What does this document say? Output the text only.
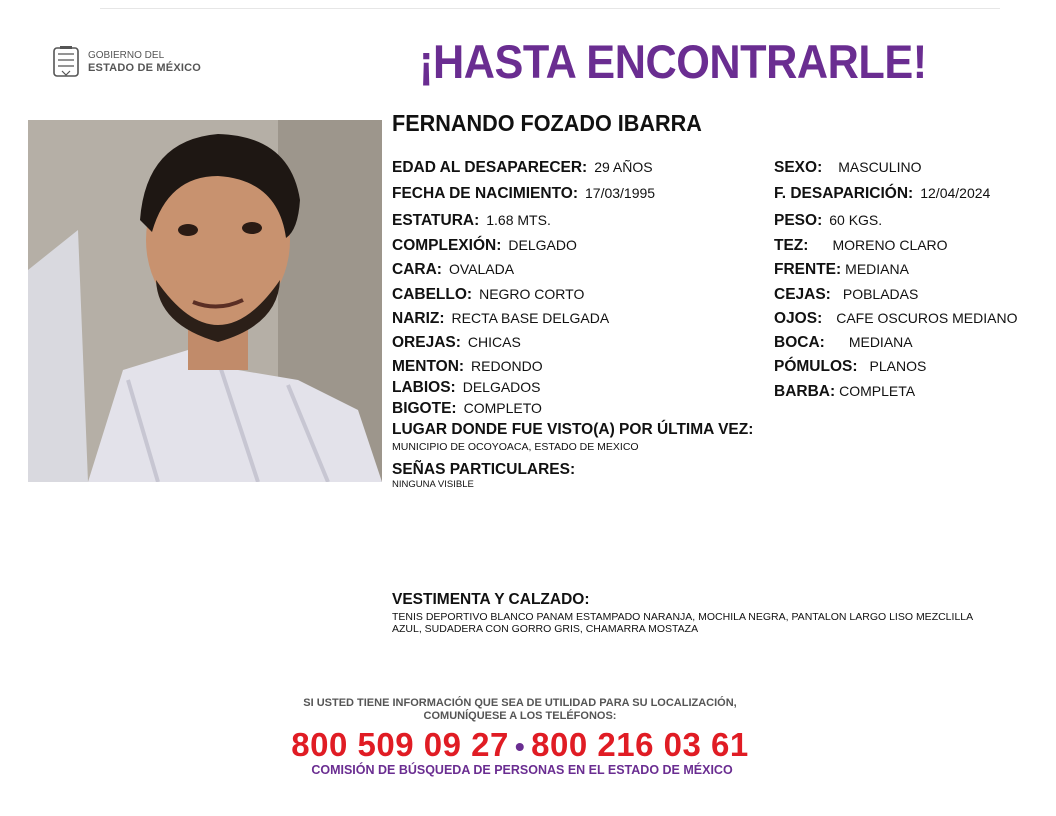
GOBIERNO DEL
ESTADO DE MÉXICO	¡HASTA ENCONTRARLE!
FERNANDO FOZADO IBARRA
EDAD AL DESAPARECER: 29 AÑOS
FECHA DE NACIMIENTO: 17/03/1995
ESTATURA: 1.68 MTS.
COMPLEXIÓN: DELGADO
CARA: OVALADA
CABELLO: NEGRO CORTO
NARIZ: RECTA BASE DELGADA
OREJAS: CHICAS
MENTON: REDONDO
LABIOS: DELGADOS
BIGOTE: COMPLETO
SEXO: MASCULINO
F. DESAPARICIÓN: 12/04/2024
PESO: 60 KGS.
TEZ: MORENO CLARO
FRENTE: MEDIANA
CEJAS: POBLADAS
OJOS: CAFE OSCUROS MEDIANO
BOCA: MEDIANA
PÓMULOS: PLANOS
BARBA: COMPLETA
LUGAR DONDE FUE VISTO(A) POR ÚLTIMA VEZ:
MUNICIPIO DE OCOYOACA, ESTADO DE MEXICO
SEÑAS PARTICULARES:
NINGUNA VISIBLE
VESTIMENTA Y CALZADO:
TENIS DEPORTIVO BLANCO PANAM ESTAMPADO NARANJA, MOCHILA NEGRA, PANTALON LARGO LISO MEZCLILLA
AZUL, SUDADERA CON GORRO GRIS, CHAMARRA MOSTAZA
SI USTED TIENE INFORMACIÓN QUE SEA DE UTILIDAD PARA SU LOCALIZACIÓN,
COMUNÍQUESE A LOS TELÉFONOS:
800 509 09 27 • 800 216 03 61
COMISIÓN DE BÚSQUEDA DE PERSONAS EN EL ESTADO DE MÉXICO
